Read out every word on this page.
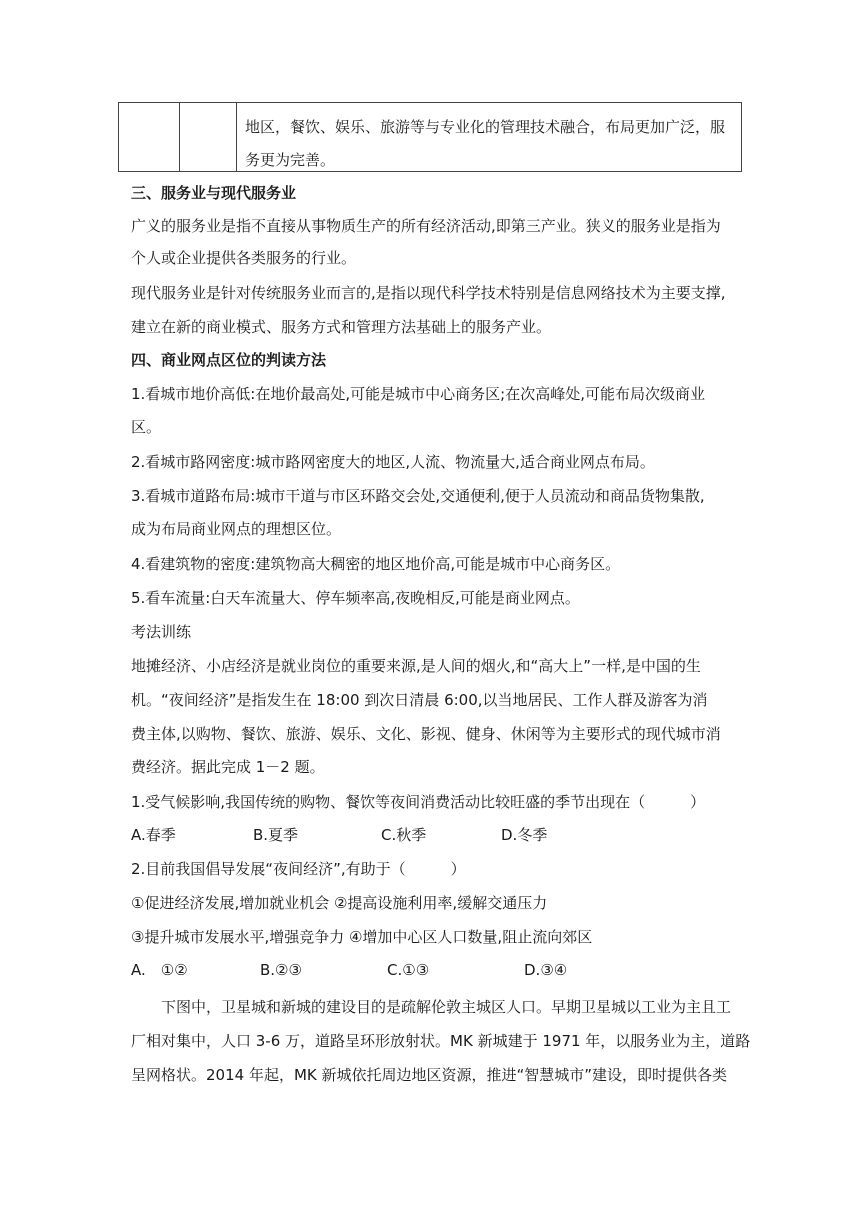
地区，餐饮、娱乐、旅游等与专业化的管理技术融合，布局更加广泛，服务更为完善。
三、服务业与现代服务业
广义的服务业是指不直接从事物质生产的所有经济活动,即第三产业。狭义的服务业是指为
个人或企业提供各类服务的行业。
现代服务业是针对传统服务业而言的,是指以现代科学技术特别是信息网络技术为主要支撑,
建立在新的商业模式、服务方式和管理方法基础上的服务产业。
四、商业网点区位的判读方法
1.看城市地价高低:在地价最高处,可能是城市中心商务区;在次高峰处,可能布局次级商业
区。
2.看城市路网密度:城市路网密度大的地区,人流、物流量大,适合商业网点布局。
3.看城市道路布局:城市干道与市区环路交会处,交通便利,便于人员流动和商品货物集散,
成为布局商业网点的理想区位。
4.看建筑物的密度:建筑物高大稠密的地区地价高,可能是城市中心商务区。
5.看车流量:白天车流量大、停车频率高,夜晚相反,可能是商业网点。
考法训练
地摊经济、小店经济是就业岗位的重要来源,是人间的烟火,和“高大上”一样,是中国的生
机。“夜间经济”是指发生在 18:00 到次日清晨 6:00,以当地居民、工作人群及游客为消
费主体,以购物、餐饮、旅游、娱乐、文化、影视、健身、休闲等为主要形式的现代城市消
费经济。据此完成 1－2 题。
1.受气候影响,我国传统的购物、餐饮等夜间消费活动比较旺盛的季节出现在（　　　）
A.春季	B.夏季	C.秋季	D.冬季
2.目前我国倡导发展“夜间经济”,有助于（　　　）
①促进经济发展,增加就业机会 ②提高设施利用率,缓解交通压力
③提升城市发展水平,增强竞争力 ④增加中心区人口数量,阻止流向郊区
A.　①②	B.②③	C.①③	D.③④
　　下图中，卫星城和新城的建设目的是疏解伦敦主城区人口。早期卫星城以工业为主且工
厂相对集中，人口 3-6 万，道路呈环形放射状。MK 新城建于 1971 年，以服务业为主，道路
呈网格状。2014 年起，MK 新城依托周边地区资源，推进“智慧城市”建设，即时提供各类
